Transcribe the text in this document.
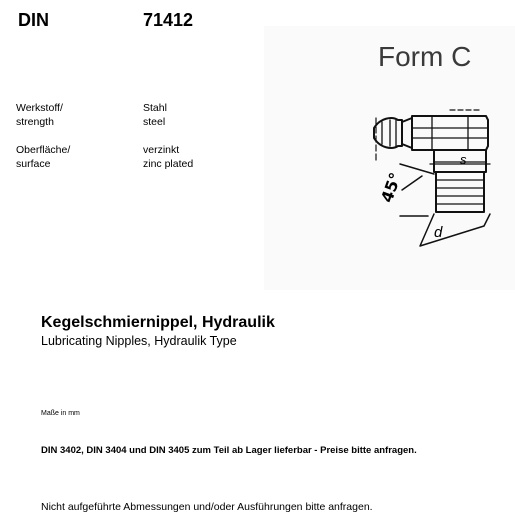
DIN	71412
Werkstoff/
strength
Stahl
steel
Oberfläche/
surface
verzinkt
zinc plated
Form C
45°
s
d
Kegelschmiernippel, Hydraulik
Lubricating Nipples, Hydraulik Type
Maße in mm
DIN 3402, DIN 3404 und DIN 3405 zum Teil ab Lager lieferbar - Preise bitte anfragen.
Nicht aufgeführte Abmessungen und/oder Ausführungen bitte anfragen.
